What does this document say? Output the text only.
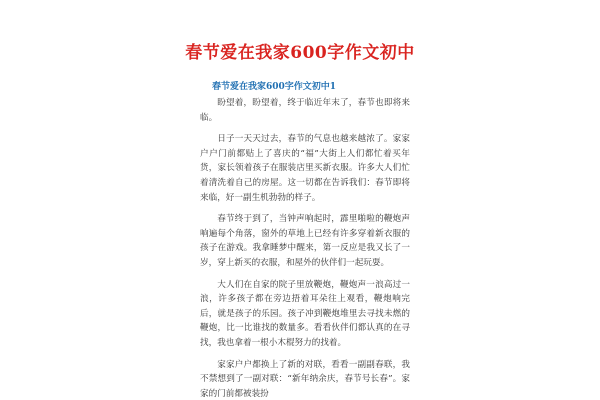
春节爱在我家600字作文初中
春节爱在我家600字作文初中1

盼望着，盼望着，终于临近年末了，春节也即将来临。

日子一天天过去，春节的气息也越来越浓了。家家户户门前都贴上了喜庆的“福”大街上人们都忙着买年货，家长领着孩子在服装店里买新衣服。许多大人们忙着清洗着自己的房屋。这一切都在告诉我们：春节即将来临，好一副生机勃勃的样子。

春节终于到了，当钟声响起时，霹里啪啦的鞭炮声响遍每个角落，窗外的草地上已经有许多穿着新衣服的孩子在游戏。我拿睡梦中醒来，第一反应是我又长了一岁，穿上新买的衣服，和屋外的伙伴们一起玩耍。

大人们在自家的院子里放鞭炮，鞭炮声一浪高过一浪，许多孩子都在旁边捂着耳朵往上观看，鞭炮响完后，就是孩子的乐园。孩子冲到鞭炮堆里去寻找未燃的鞭炮，比一比谁找的数量多。看看伙伴们都认真的在寻找，我也拿着一根小木棍努力的找着。

家家户户都换上了新的对联，看看一副副春联，我不禁想到了一副对联：“新年纳余庆，春节号长春”。家家的门前都被装扮
